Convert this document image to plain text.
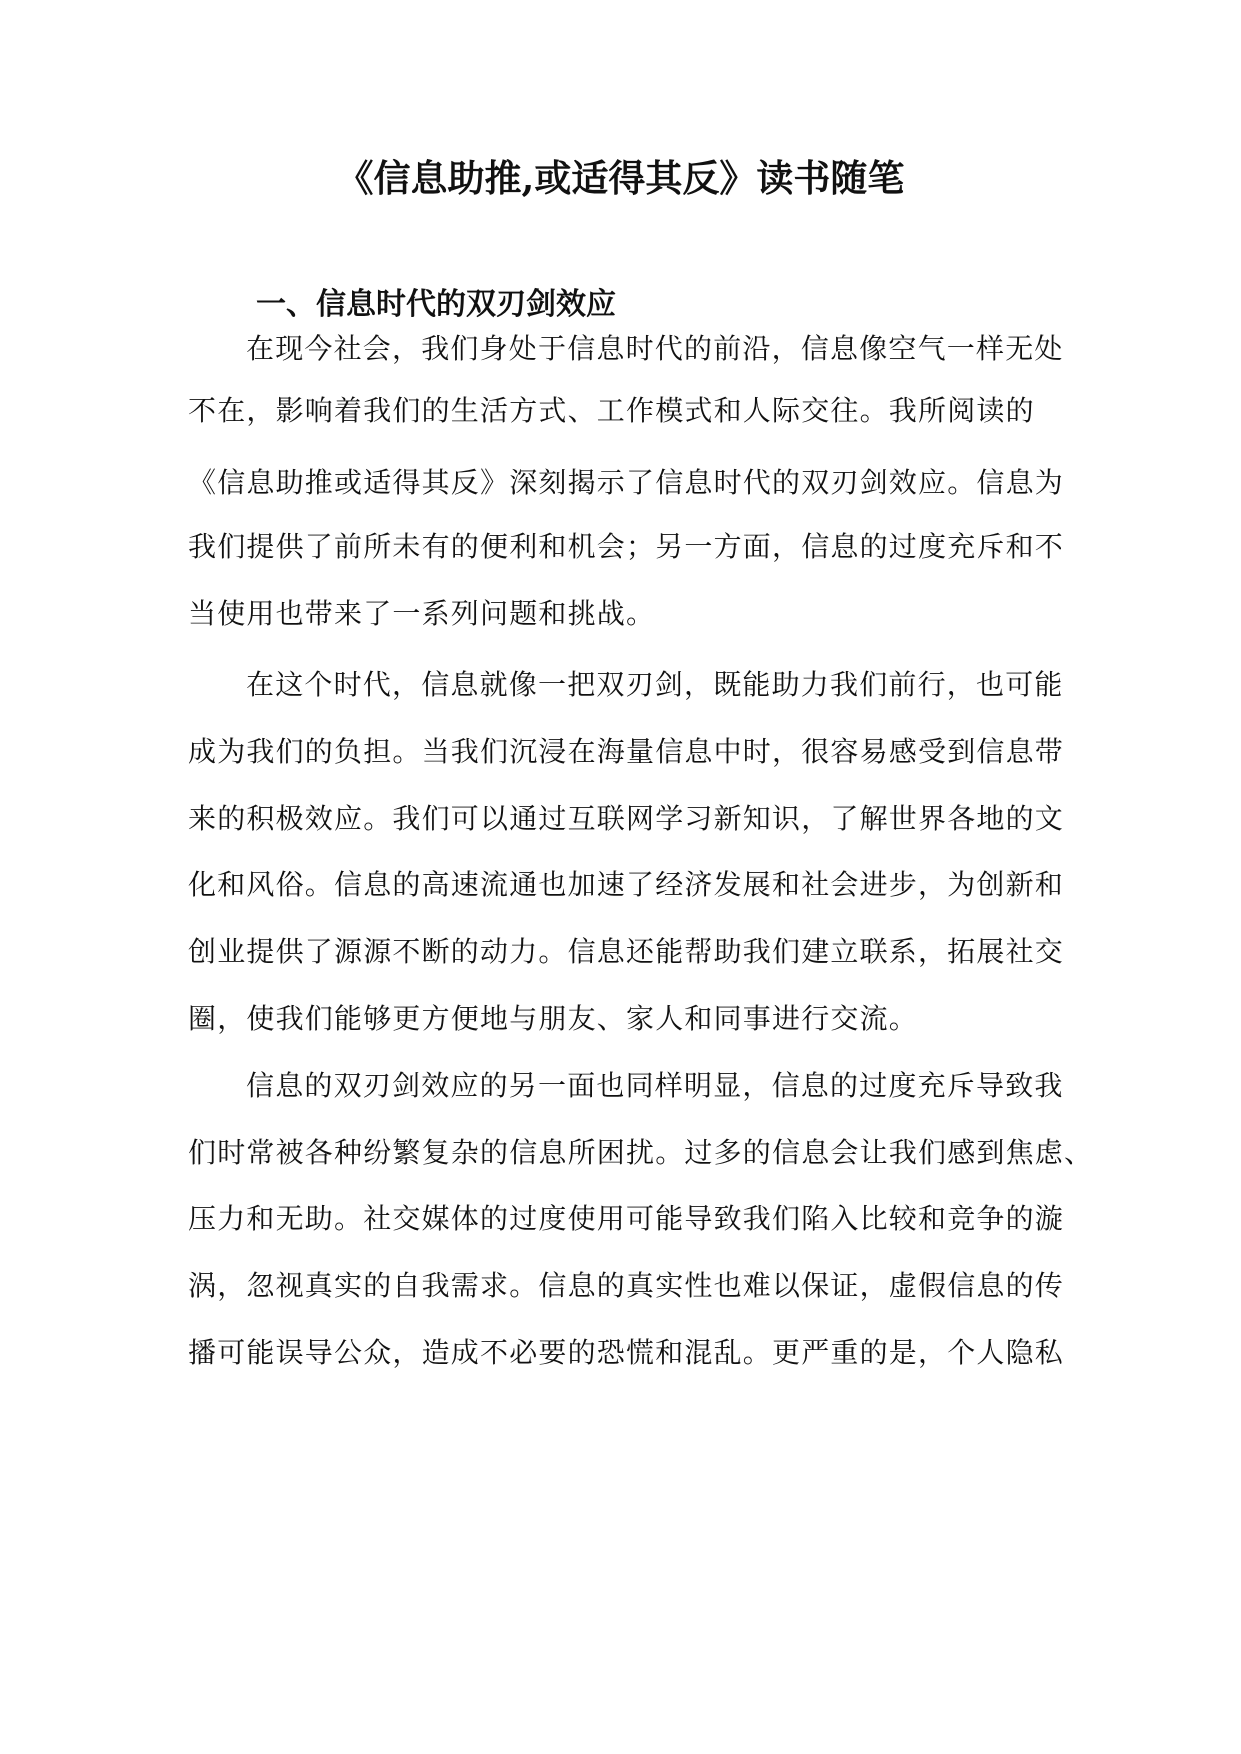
《信息助推,或适得其反》读书随笔
一、信息时代的双刃剑效应
在现今社会，我们身处于信息时代的前沿，信息像空气一样无处
不在，影响着我们的生活方式、工作模式和人际交往。我所阅读的
《信息助推或适得其反》深刻揭示了信息时代的双刃剑效应。信息为
我们提供了前所未有的便利和机会；另一方面，信息的过度充斥和不
当使用也带来了一系列问题和挑战。
在这个时代，信息就像一把双刃剑，既能助力我们前行，也可能
成为我们的负担。当我们沉浸在海量信息中时，很容易感受到信息带
来的积极效应。我们可以通过互联网学习新知识，了解世界各地的文
化和风俗。信息的高速流通也加速了经济发展和社会进步，为创新和
创业提供了源源不断的动力。信息还能帮助我们建立联系，拓展社交
圈，使我们能够更方便地与朋友、家人和同事进行交流。
信息的双刃剑效应的另一面也同样明显，信息的过度充斥导致我
们时常被各种纷繁复杂的信息所困扰。过多的信息会让我们感到焦虑、
压力和无助。社交媒体的过度使用可能导致我们陷入比较和竞争的漩
涡，忽视真实的自我需求。信息的真实性也难以保证，虚假信息的传
播可能误导公众，造成不必要的恐慌和混乱。更严重的是，个人隐私
